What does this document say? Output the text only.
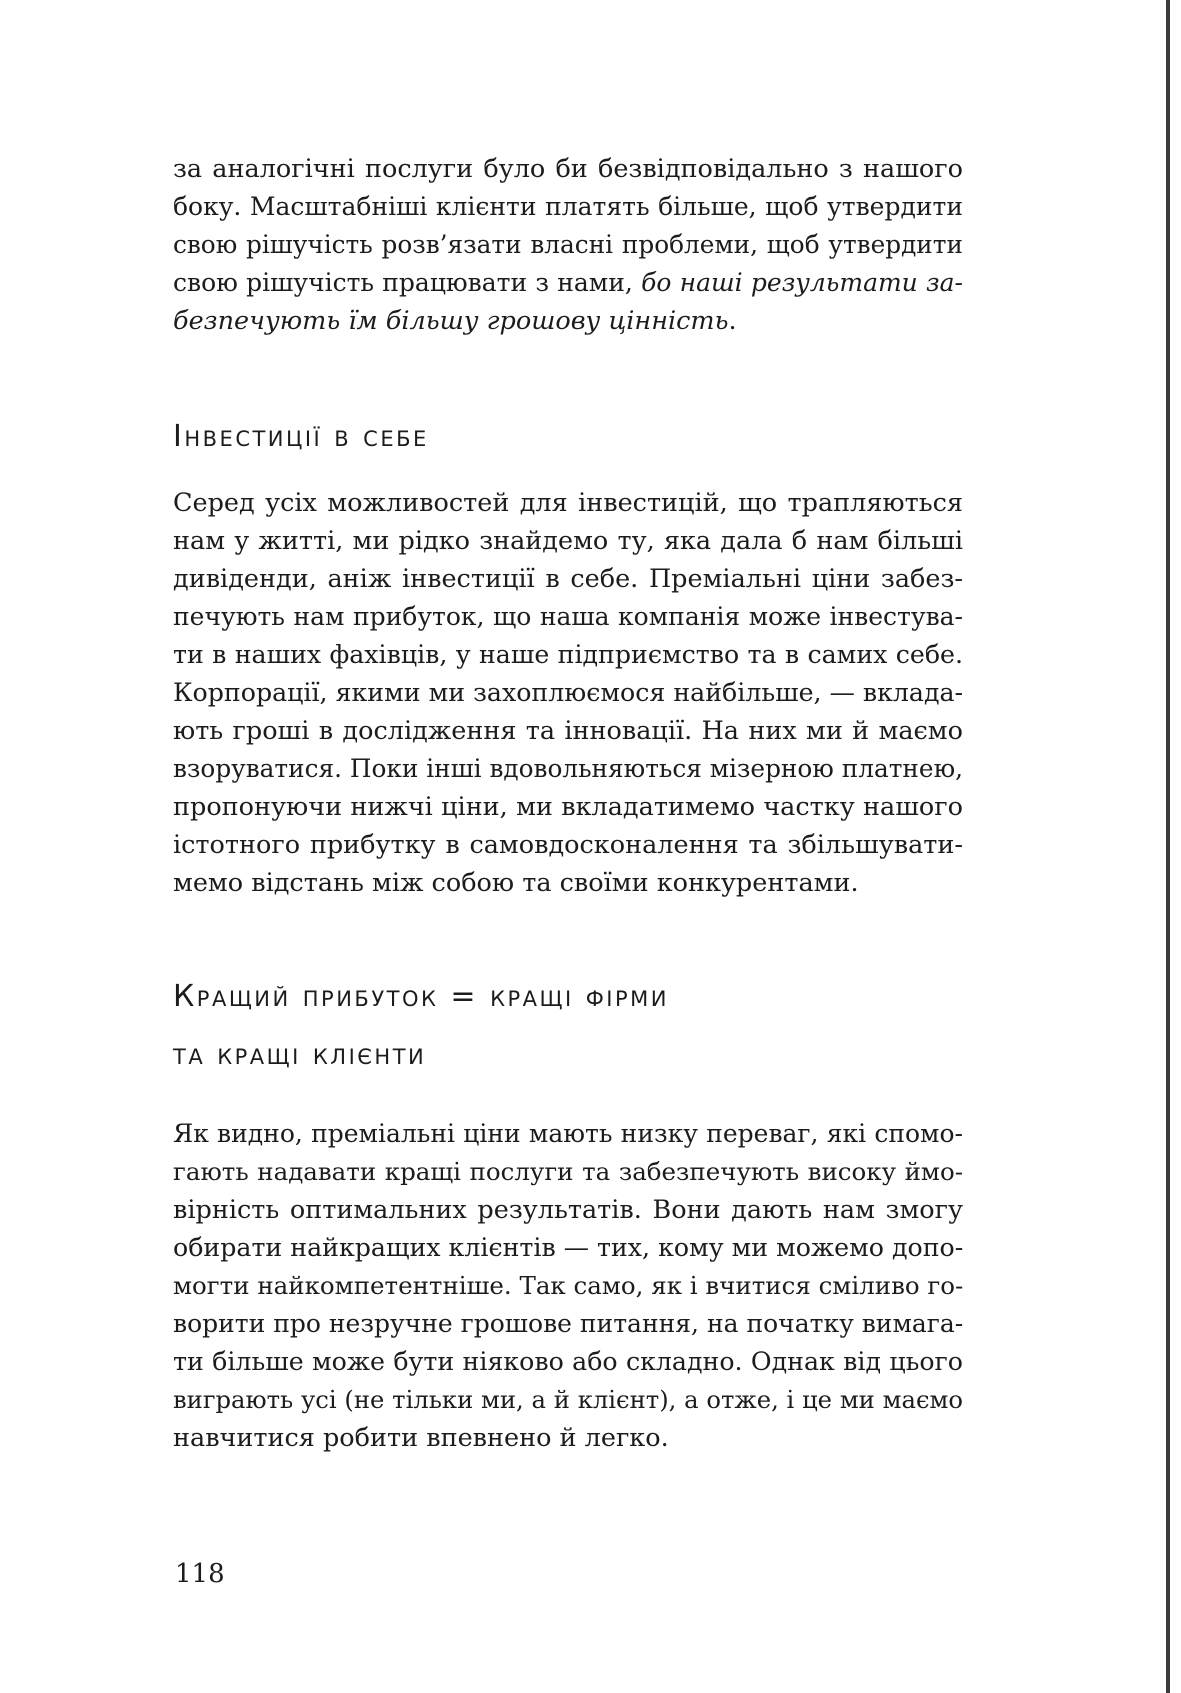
за аналогічні послуги було би безвідповідально з нашого
боку. Масштабніші клієнти платять більше, щоб утвердити
свою рішучість розв’язати власні проблеми, щоб утвердити
свою рішучість працювати з нами, бо наші результати за-
безпечують їм більшу грошову цінність.
Інвестиції в себе
Серед усіх можливостей для інвестицій, що трапляються
нам у житті, ми рідко знайдемо ту, яка дала б нам більші
дивіденди, аніж інвестиції в себе. Преміальні ціни забез-
печують нам прибуток, що наша компанія може інвестува-
ти в наших фахівців, у наше підприємство та в самих себе.
Корпорації, якими ми захоплюємося найбільше, — вклада-
ють гроші в дослідження та інновації. На них ми й маємо
взоруватися. Поки інші вдовольняються мізерною платнею,
пропонуючи нижчі ціни, ми вкладатимемо частку нашого
істотного прибутку в самовдосконалення та збільшувати-
мемо відстань між собою та своїми конкурентами.
Кращий прибуток = кращі фірми
та кращі клієнти
Як видно, преміальні ціни мають низку переваг, які спомо-
гають надавати кращі послуги та забезпечують високу ймо-
вірність оптимальних результатів. Вони дають нам змогу
обирати найкращих клієнтів — тих, кому ми можемо допо-
могти найкомпетентніше. Так само, як і вчитися сміливо го-
ворити про незручне грошове питання, на початку вимага-
ти більше може бути ніяково або складно. Однак від цього
виграють усі (не тільки ми, а й клієнт), а отже, і це ми маємо
навчитися робити впевнено й легко.
118
